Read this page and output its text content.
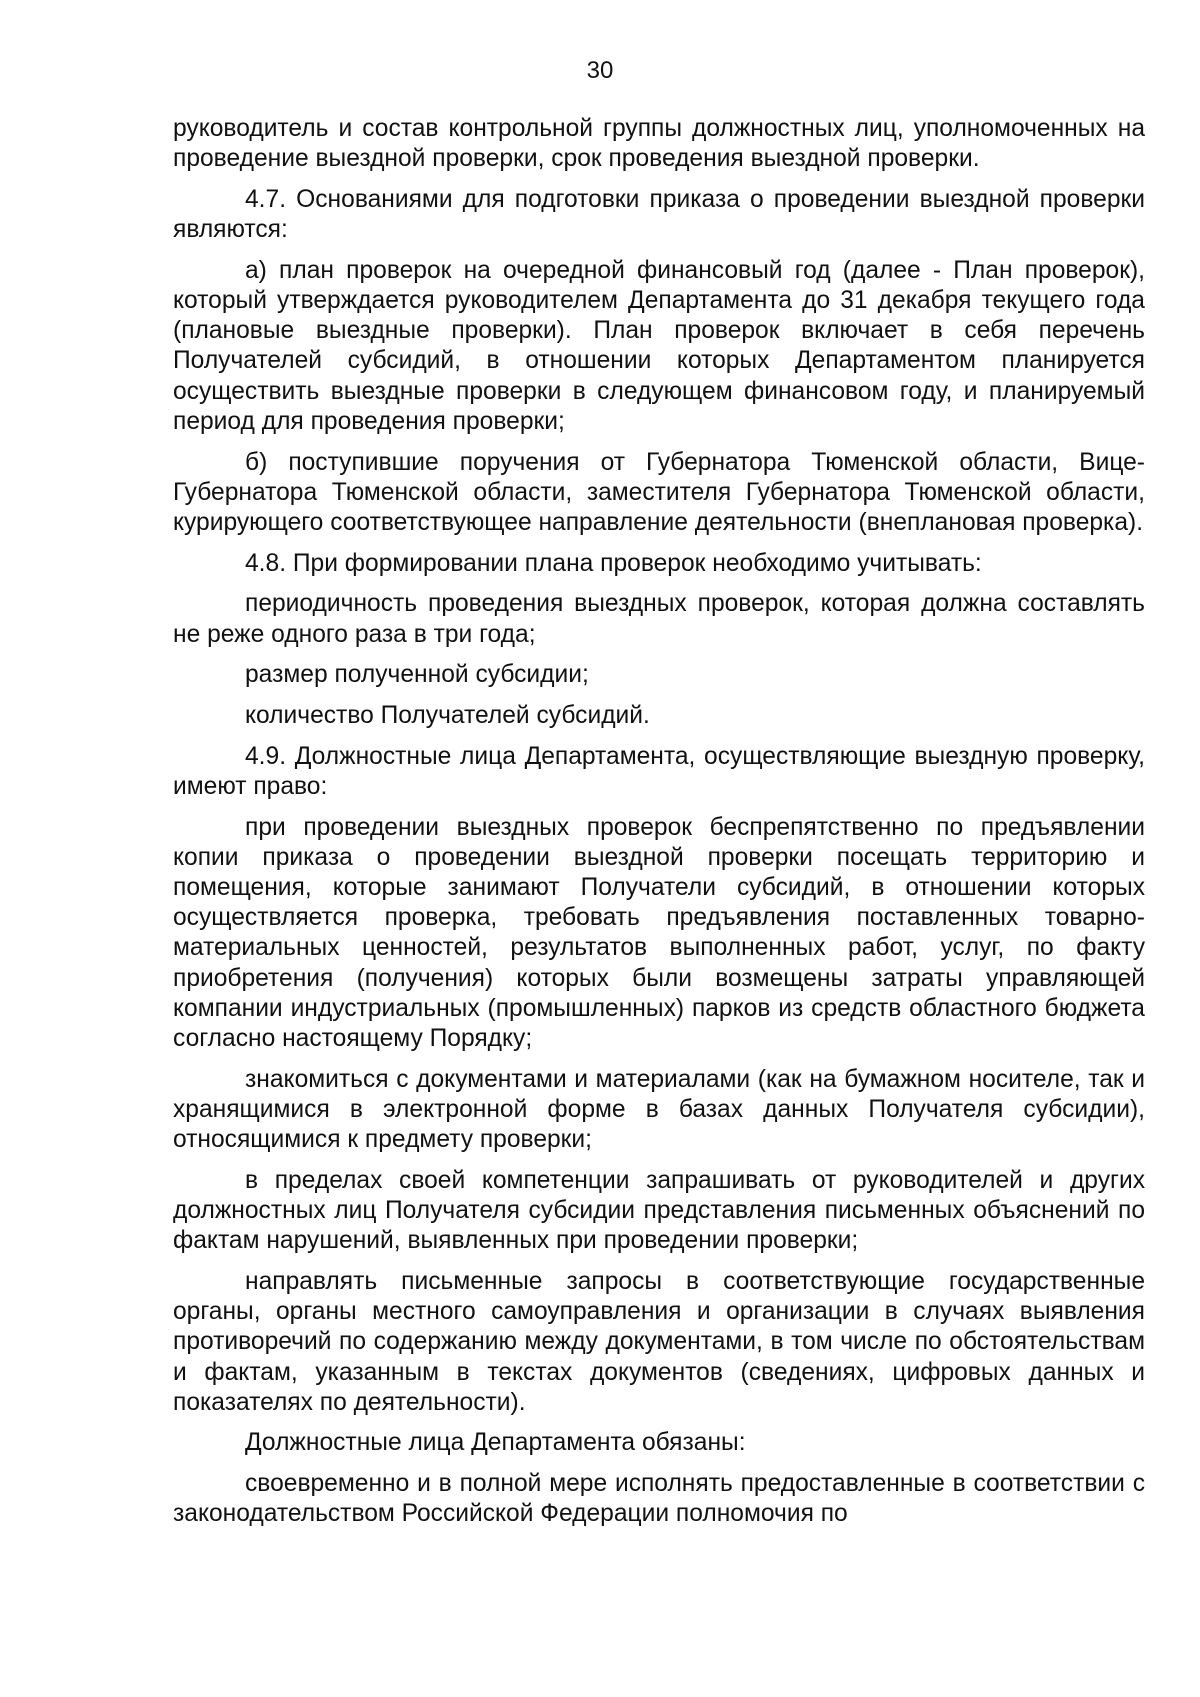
30

руководитель и состав контрольной группы должностных лиц, уполномоченных на проведение выездной проверки, срок проведения выездной проверки.

4.7. Основаниями для подготовки приказа о проведении выездной проверки являются:

а) план проверок на очередной финансовый год (далее - План проверок), который утверждается руководителем Департамента до 31 декабря текущего года (плановые выездные проверки). План проверок включает в себя перечень Получателей субсидий, в отношении которых Департаментом планируется осуществить выездные проверки в следующем финансовом году, и планируемый период для проведения проверки;

б) поступившие поручения от Губернатора Тюменской области, Вице-Губернатора Тюменской области, заместителя Губернатора Тюменской области, курирующего соответствующее направление деятельности (внеплановая проверка).

4.8. При формировании плана проверок необходимо учитывать:

периодичность проведения выездных проверок, которая должна составлять не реже одного раза в три года;

размер полученной субсидии;

количество Получателей субсидий.

4.9. Должностные лица Департамента, осуществляющие выездную проверку, имеют право:

при проведении выездных проверок беспрепятственно по предъявлении копии приказа о проведении выездной проверки посещать территорию и помещения, которые занимают Получатели субсидий, в отношении которых осуществляется проверка, требовать предъявления поставленных товарно-материальных ценностей, результатов выполненных работ, услуг, по факту приобретения (получения) которых были возмещены затраты управляющей компании индустриальных (промышленных) парков из средств областного бюджета согласно настоящему Порядку;

знакомиться с документами и материалами (как на бумажном носителе, так и хранящимися в электронной форме в базах данных Получателя субсидии), относящимися к предмету проверки;

в пределах своей компетенции запрашивать от руководителей и других должностных лиц Получателя субсидии представления письменных объяснений по фактам нарушений, выявленных при проведении проверки;

направлять письменные запросы в соответствующие государственные органы, органы местного самоуправления и организации в случаях выявления противоречий по содержанию между документами, в том числе по обстоятельствам и фактам, указанным в текстах документов (сведениях, цифровых данных и показателях по деятельности).

Должностные лица Департамента обязаны:

своевременно и в полной мере исполнять предоставленные в соответствии с законодательством Российской Федерации полномочия по
